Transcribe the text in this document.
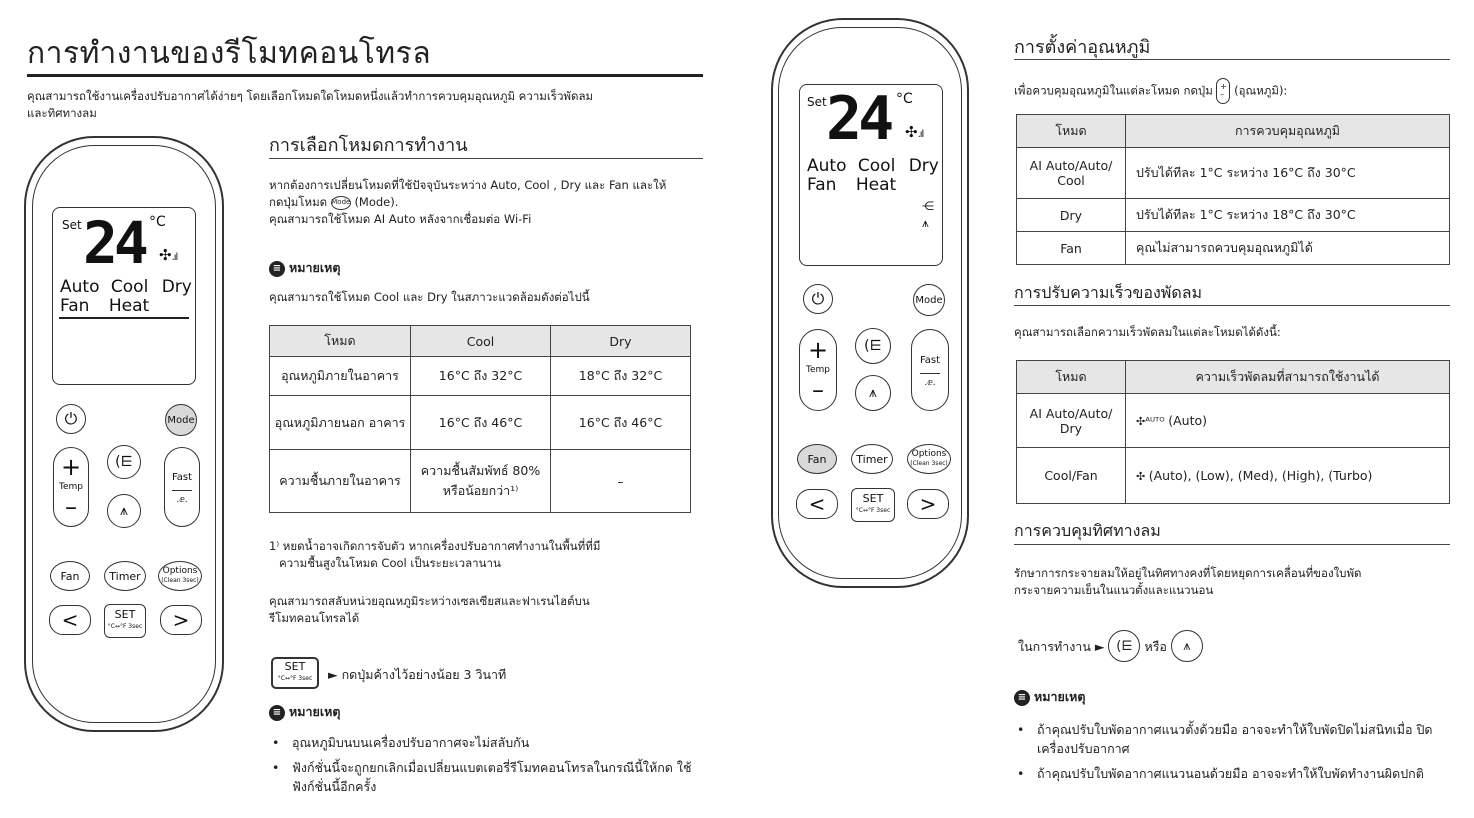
การทำงานของรีโมทคอนโทรล
คุณสามารถใช้งานเครื่องปรับอากาศได้ง่ายๆ โดยเลือกโหมดใดโหมดหนึ่งแล้วทำการควบคุมอุณหภูมิ ความเร็วพัดลม
และทิศทางลม
Set 24 °C
✣.ıl
Auto Cool Dry
Fan Heat
⏻	Mode
+
Temp
–
(⋿
⩚
Fast
.ⅇ.
Fan	Timer Options
(Clean 3sec)
<	SET
°C↔°F 3sec >
การเลือกโหมดการทำงาน
หากต้องการเปลี่ยนโหมดที่ใช้ปัจจุบันระหว่าง Auto, Cool , Dry และ Fan และให้
กดปุ่มโหมด Mode (Mode).
คุณสามารถใช้โหมด AI Auto หลังจากเชื่อมต่อ Wi-Fi
≡ หมายเหตุ
คุณสามารถใช้โหมด Cool และ Dry ในสภาวะแวดล้อมดังต่อไปนี้
โหมด	Cool	Dry
อุณหภูมิภายในอาคาร	16°C ถึง 32°C	18°C ถึง 32°C
อุณหภูมิภายนอก อาคาร	16°C ถึง 46°C	16°C ถึง 46°C
ความชื้นภายในอาคาร	ความชื้นสัมพัทธ์ 80% หรือน้อยกว่า¹⁾	–
1⁾ หยดน้ำอาจเกิดการจับตัว หากเครื่องปรับอากาศทำงานในพื้นที่ที่มี
ความชื้นสูงในโหมด Cool เป็นระยะเวลานาน
คุณสามารถสลับหน่วยอุณหภูมิระหว่างเซลเซียสและฟาเรนไฮต์บน
รีโมทคอนโทรลได้
SET
°C↔°F 3sec ► กดปุ่มค้างไว้อย่างน้อย 3 วินาที
≡ หมายเหตุ
• อุณหภูมิบนบนเครื่องปรับอากาศจะไม่สลับกัน
• ฟังก์ชั่นนี้จะถูกยกเลิกเมื่อเปลี่ยนแบตเตอรี่รีโมทคอนโทรลในกรณีนี้ให้กด ใช้ฟังก์ชั่นนี้อีกครั้ง
Set 24 °C
✣.ıl
Auto Cool Dry
Fan Heat
⋲
⩚
⏻	Mode
+
Temp
–
(⋿
⩚
Fast
.ⅇ.
Fan	Timer	Options
(Clean 3sec)
<	SET
°C↔°F 3sec >
การตั้งค่าอุณหภูมิ
เพื่อควบคุมอุณหภูมิในแต่ละโหมด กดปุ่ม +
– (อุณหภูมิ):
โหมด	การควบคุมอุณหภูมิ
AI Auto/Auto/ Cool	ปรับได้ทีละ 1°C ระหว่าง 16°C ถึง 30°C
Dry	ปรับได้ทีละ 1°C ระหว่าง 18°C ถึง 30°C
Fan	คุณไม่สามารถควบคุมอุณหภูมิได้
การปรับความเร็วของพัดลม
คุณสามารถเลือกความเร็วพัดลมในแต่ละโหมดได้ดังนี้:
โหมด	ความเร็วพัดลมที่สามารถใช้งานได้
AI Auto/Auto/ Dry	✣ᴬᵁᵀᴼ (Auto)
Cool/Fan	✣ (Auto), (Low), (Med), (High), (Turbo)
การควบคุมทิศทางลม
รักษาการกระจายลมให้อยู่ในทิศทางคงที่โดยหยุดการเคลื่อนที่ของใบพัด
กระจายความเย็นในแนวตั้งและแนวนอน
ในการทำงาน ► (⋿ หรือ	⩚
≡ หมายเหตุ
• ถ้าคุณปรับใบพัดอากาศแนวตั้งด้วยมือ อาจจะทำให้ใบพัดปิดไม่สนิทเมื่อ ปิดเครื่องปรับอากาศ
• ถ้าคุณปรับใบพัดอากาศแนวนอนด้วยมือ อาจจะทำให้ใบพัดทำงานผิดปกติ
